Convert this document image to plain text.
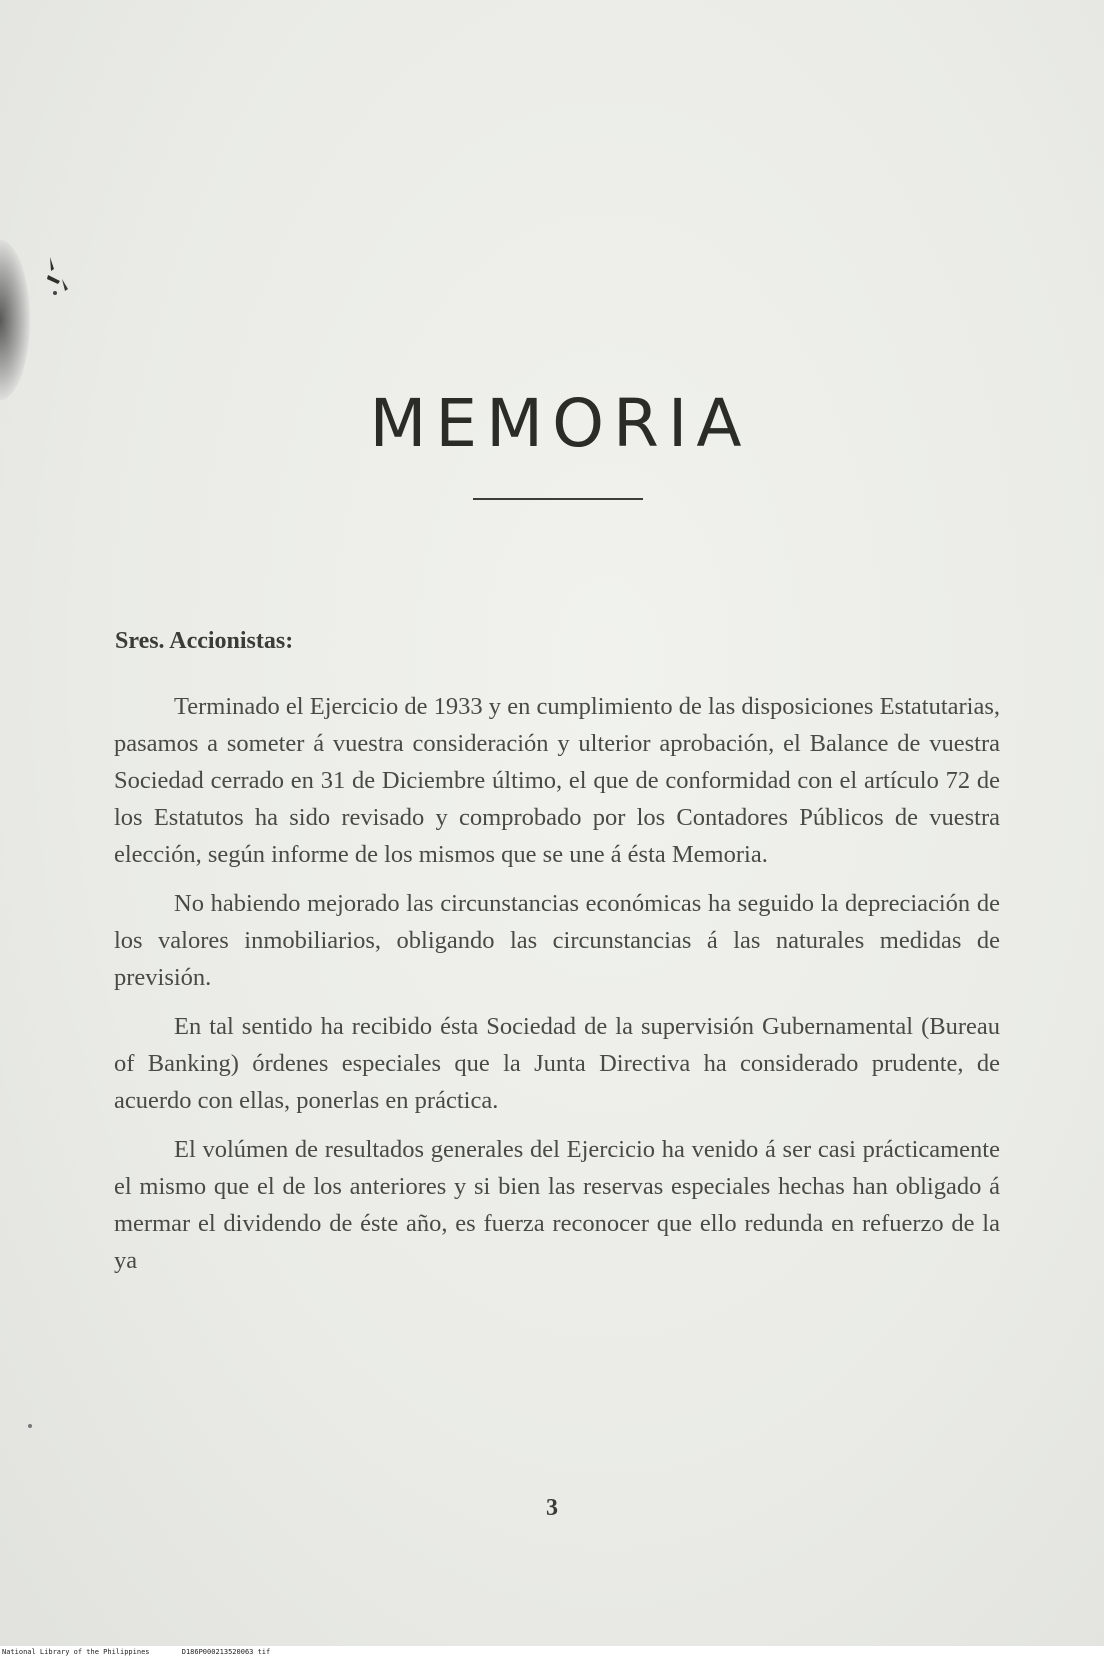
MEMORIA

Sres. Accionistas:

Terminado el Ejercicio de 1933 y en cumplimiento de las disposiciones Estatutarias, pasamos a someter á vuestra consideración y ulterior aprobación, el Balance de vuestra Sociedad cerrado en 31 de Diciembre último, el que de conformidad con el artículo 72 de los Estatutos ha sido revisado y comprobado por los Contadores Públicos de vuestra elección, según informe de los mismos que se une á ésta Memoria.

No habiendo mejorado las circunstancias económicas ha seguido la depreciación de los valores inmobiliarios, obligando las circunstancias á las naturales medidas de previsión.

En tal sentido ha recibido ésta Sociedad de la supervisión Gubernamental (Bureau of Banking) órdenes especiales que la Junta Directiva ha considerado prudente, de acuerdo con ellas, ponerlas en práctica.

El volúmen de resultados generales del Ejercicio ha venido á ser casi prácticamente el mismo que el de los anteriores y si bien las reservas especiales hechas han obligado á mermar el dividendo de éste año, es fuerza reconocer que ello redunda en refuerzo de la ya

3
National Library of the Philippines	D186P000213520063 tif
